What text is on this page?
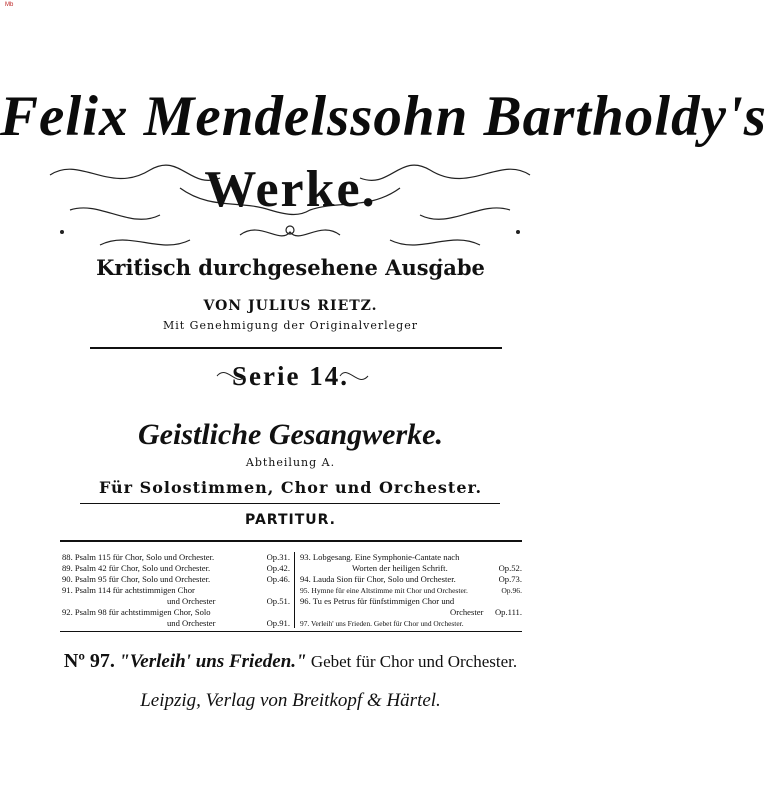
Mb
Felix Mendelssohn Bartholdy's
Werke.
Kritisch durchgesehene Ausgabe
VON JULIUS RIETZ.
Mit Genehmigung der Originalverleger
Serie 14.
Geistliche Gesangwerke.
Abtheilung A.
Für Solostimmen, Chor und Orchester.
PARTITUR.
88. Psalm 115 für Chor, Solo und Orchester.	Op.31.
89. Psalm 42 für Chor, Solo und Orchester.	Op.42.
90. Psalm 95 für Chor, Solo und Orchester.	Op.46.
91. Psalm 114 für achtstimmigen Chor
und Orchester	Op.51.
92. Psalm 98 für achtstimmigen Chor, Solo
und Orchester	Op.91.
93. Lobgesang. Eine Symphonie-Cantate nach
Worten der heiligen Schrift.	Op.52.
94. Lauda Sion für Chor, Solo und Orchester.	Op.73.
95. Hymne für eine Altstimme mit Chor und Orchester.	Op.96.
96. Tu es Petrus für fünfstimmigen Chor und
Orchester Op.111.
97. Verleih' uns Frieden. Gebet für Chor und Orchester.
Nº 97. "Verleih' uns Frieden." Gebet für Chor und Orchester.
Leipzig, Verlag von Breitkopf & Härtel.
